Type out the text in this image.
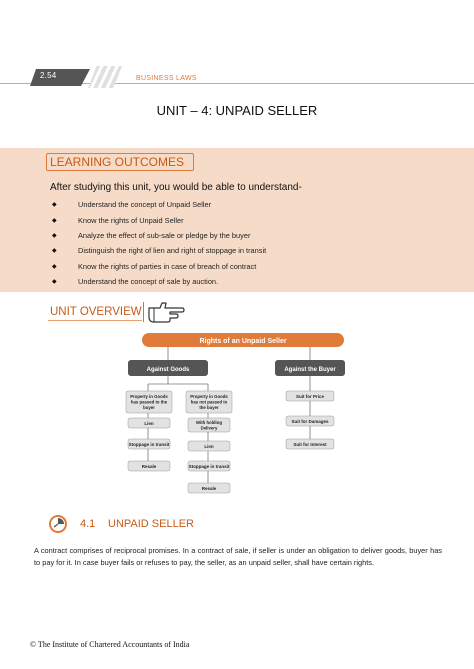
2.54	BUSINESS LAWS
UNIT – 4: UNPAID SELLER
LEARNING OUTCOMES
After studying this unit, you would be able to understand-
◆	Understand the concept of Unpaid Seller
◆	Know the rights of Unpaid Seller
◆	Analyze the effect of sub-sale or pledge by the buyer
◆	Distinguish the right of lien and right of stoppage in transit
◆	Know the rights of parties in case of breach of contract
◆	Understand the concept of sale by auction.
UNIT OVERVIEW
Rights of an Unpaid Seller
Against Goods	Against the Buyer
Property in Goods has passed to the buyer
Property in Goods has not passed to the buyer
Lien
Stoppage in transit
Resale
With holding Delivery
Lien
Stoppage in transit
Resale
Suit for Price
Suit for Damages
Suit for Interest
4.1 UNPAID SELLER

A contract comprises of reciprocal promises. In a contract of sale, if seller is under an obligation to deliver goods, buyer has to pay for it. In case buyer fails or refuses to pay, the seller, as an unpaid seller, shall have certain rights.

© The Institute of Chartered Accountants of India
